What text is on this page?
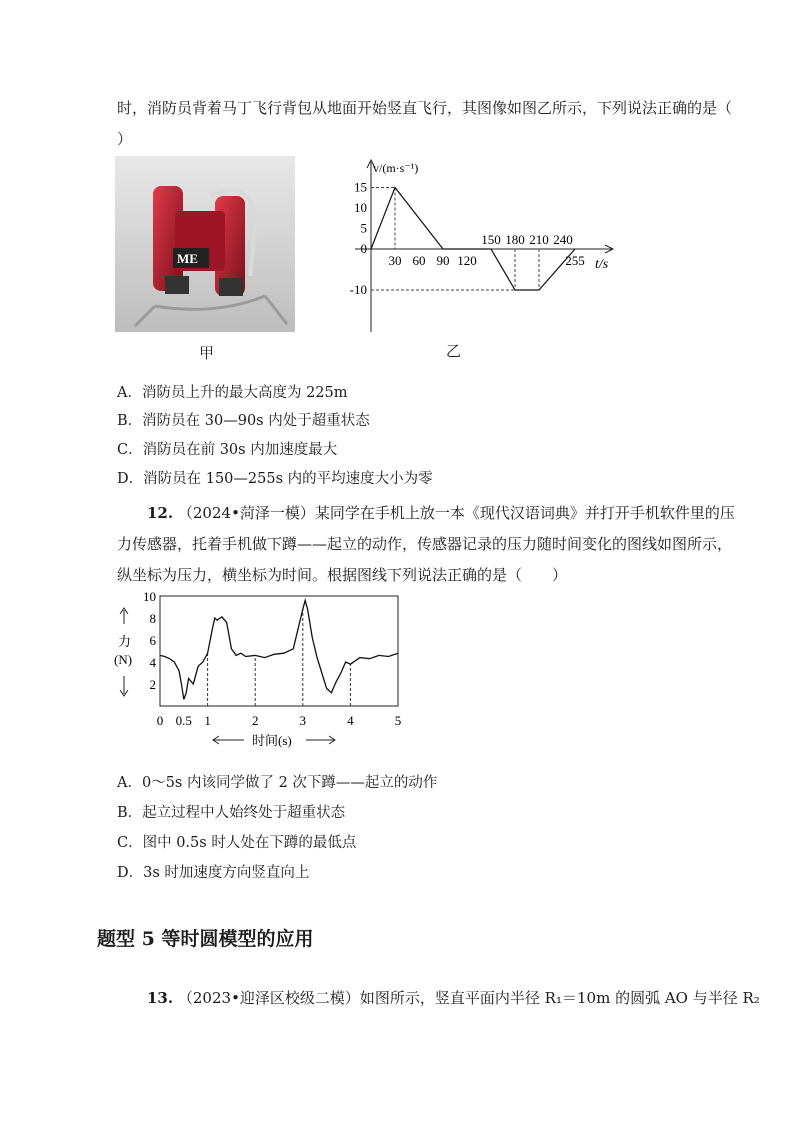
时，消防员背着马丁飞行背包从地面开始竖直飞行，其图像如图乙所示，下列说法正确的是（
）
ME
甲
15
10
5
0
-10
30 60 90 120
150 180 210 240
255
v/(m·s⁻¹)
t/s
乙
A．消防员上升的最大高度为 225m
B．消防员在 30—90s 内处于超重状态
C．消防员在前 30s 内加速度最大
D．消防员在 150—255s 内的平均速度大小为零
12. （2024•菏泽一模）某同学在手机上放一本《现代汉语词典》并打开手机软件里的压
力传感器，托着手机做下蹲——起立的动作，传感器记录的压力随时间变化的图线如图所示，
纵坐标为压力，横坐标为时间。根据图线下列说法正确的是（　　）
2
4
6
8
10
0 0.5 1	2	3	4	5
力(N)
时间(s)
A．0～5s 内该同学做了 2 次下蹲——起立的动作
B．起立过程中人始终处于超重状态
C．图中 0.5s 时人处在下蹲的最低点
D．3s 时加速度方向竖直向上
题型 5 等时圆模型的应用
13. （2023•迎泽区校级二模）如图所示，竖直平面内半径 R₁＝10m 的圆弧 AO 与半径 R₂
